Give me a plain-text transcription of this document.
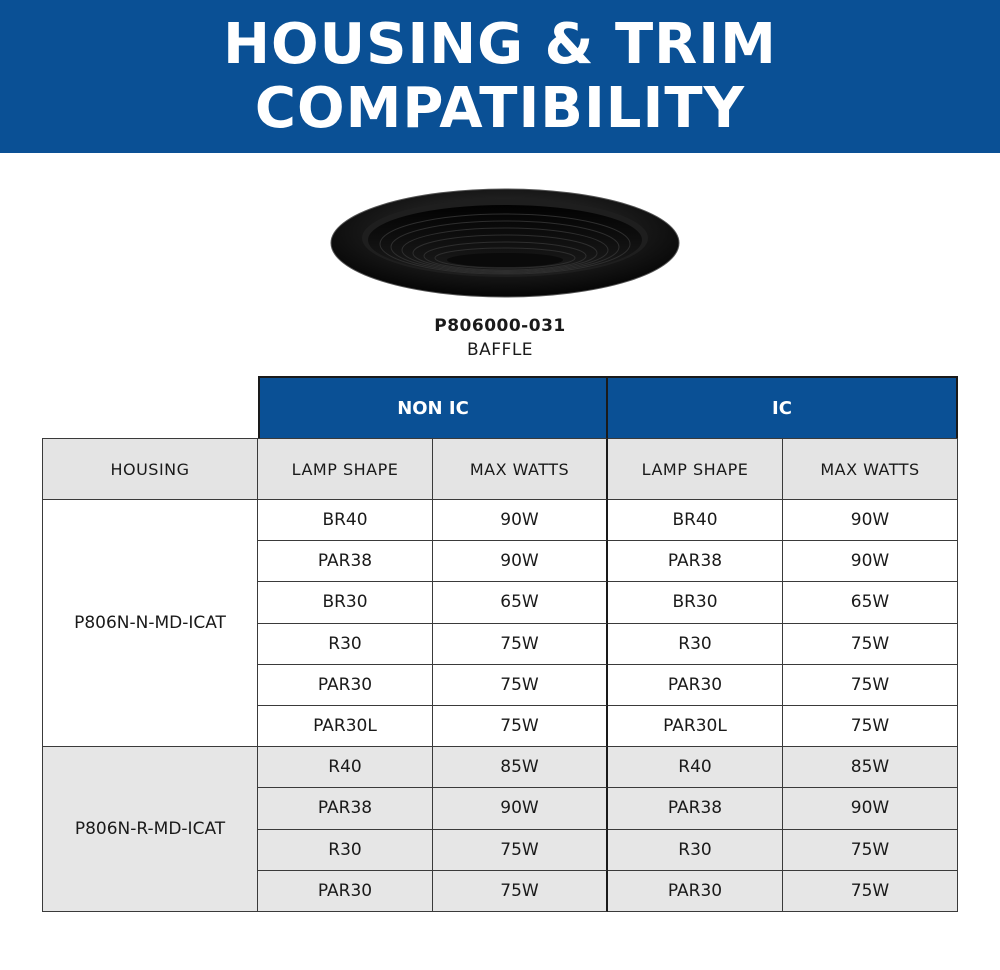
HOUSING & TRIM
COMPATIBILITY
P806000-031
BAFFLE
NON IC	IC
HOUSING	LAMP SHAPE	MAX WATTS	LAMP SHAPE	MAX WATTS
P806N-N-MD-ICAT
BR40	90W	BR40	90W
PAR38	90W	PAR38	90W
BR30	65W	BR30	65W
R30	75W	R30	75W
PAR30	75W	PAR30	75W
PAR30L	75W	PAR30L	75W
P806N-R-MD-ICAT
R40	85W	R40	85W
PAR38	90W	PAR38	90W
R30	75W	R30	75W
PAR30	75W	PAR30	75W
